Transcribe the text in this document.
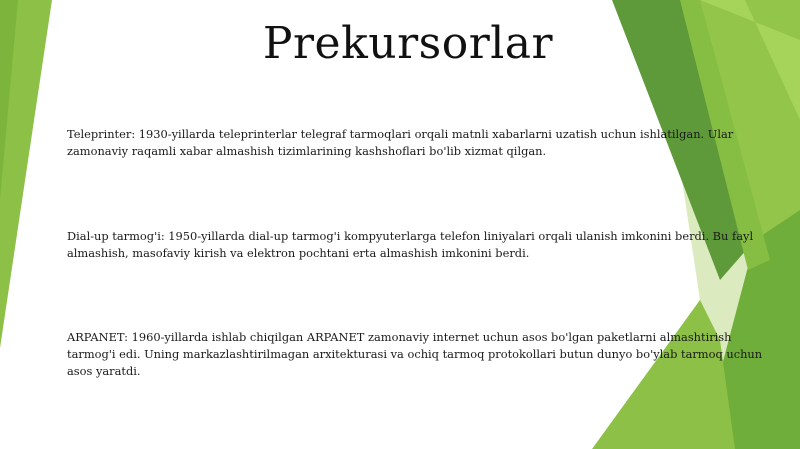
Prekursorlar

Teleprinter: 1930-yillarda teleprinterlar telegraf tarmoqlari orqali matnli xabarlarni uzatish uchun ishlatilgan. Ular zamonaviy raqamli xabar almashish tizimlarining kashshoflari bo'lib xizmat qilgan.

Dial-up tarmog'i: 1950-yillarda dial-up tarmog'i kompyuterlarga telefon liniyalari orqali ulanish imkonini berdi. Bu fayl almashish, masofaviy kirish va elektron pochtani erta almashish imkonini berdi.

ARPANET: 1960-yillarda ishlab chiqilgan ARPANET zamonaviy internet uchun asos bo'lgan paketlarni almashtirish tarmog'i edi. Uning markazlashtirilmagan arxitekturasi va ochiq tarmoq protokollari butun dunyo bo'ylab tarmoq uchun asos yaratdi.
